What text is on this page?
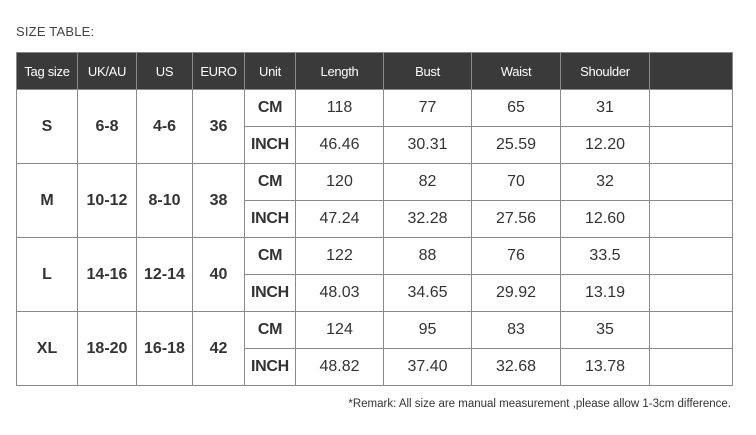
SIZE TABLE:
Tag size	UK/AU	US	EURO	Unit	Length	Bust	Waist	Shoulder	
S	6-8	4-6	36	CM	118	77	65	31	
				INCH	46.46	30.31	25.59	12.20	
M	10-12	8-10	38	CM	120	82	70	32	
				INCH	47.24	32.28	27.56	12.60	
L	14-16	12-14	40	CM	122	88	76	33.5	
				INCH	48.03	34.65	29.92	13.19	
XL	18-20	16-18	42	CM	124	95	83	35	
				INCH	48.82	37.40	32.68	13.78	
*Remark: All size are manual measurement ,please allow 1-3cm difference.
